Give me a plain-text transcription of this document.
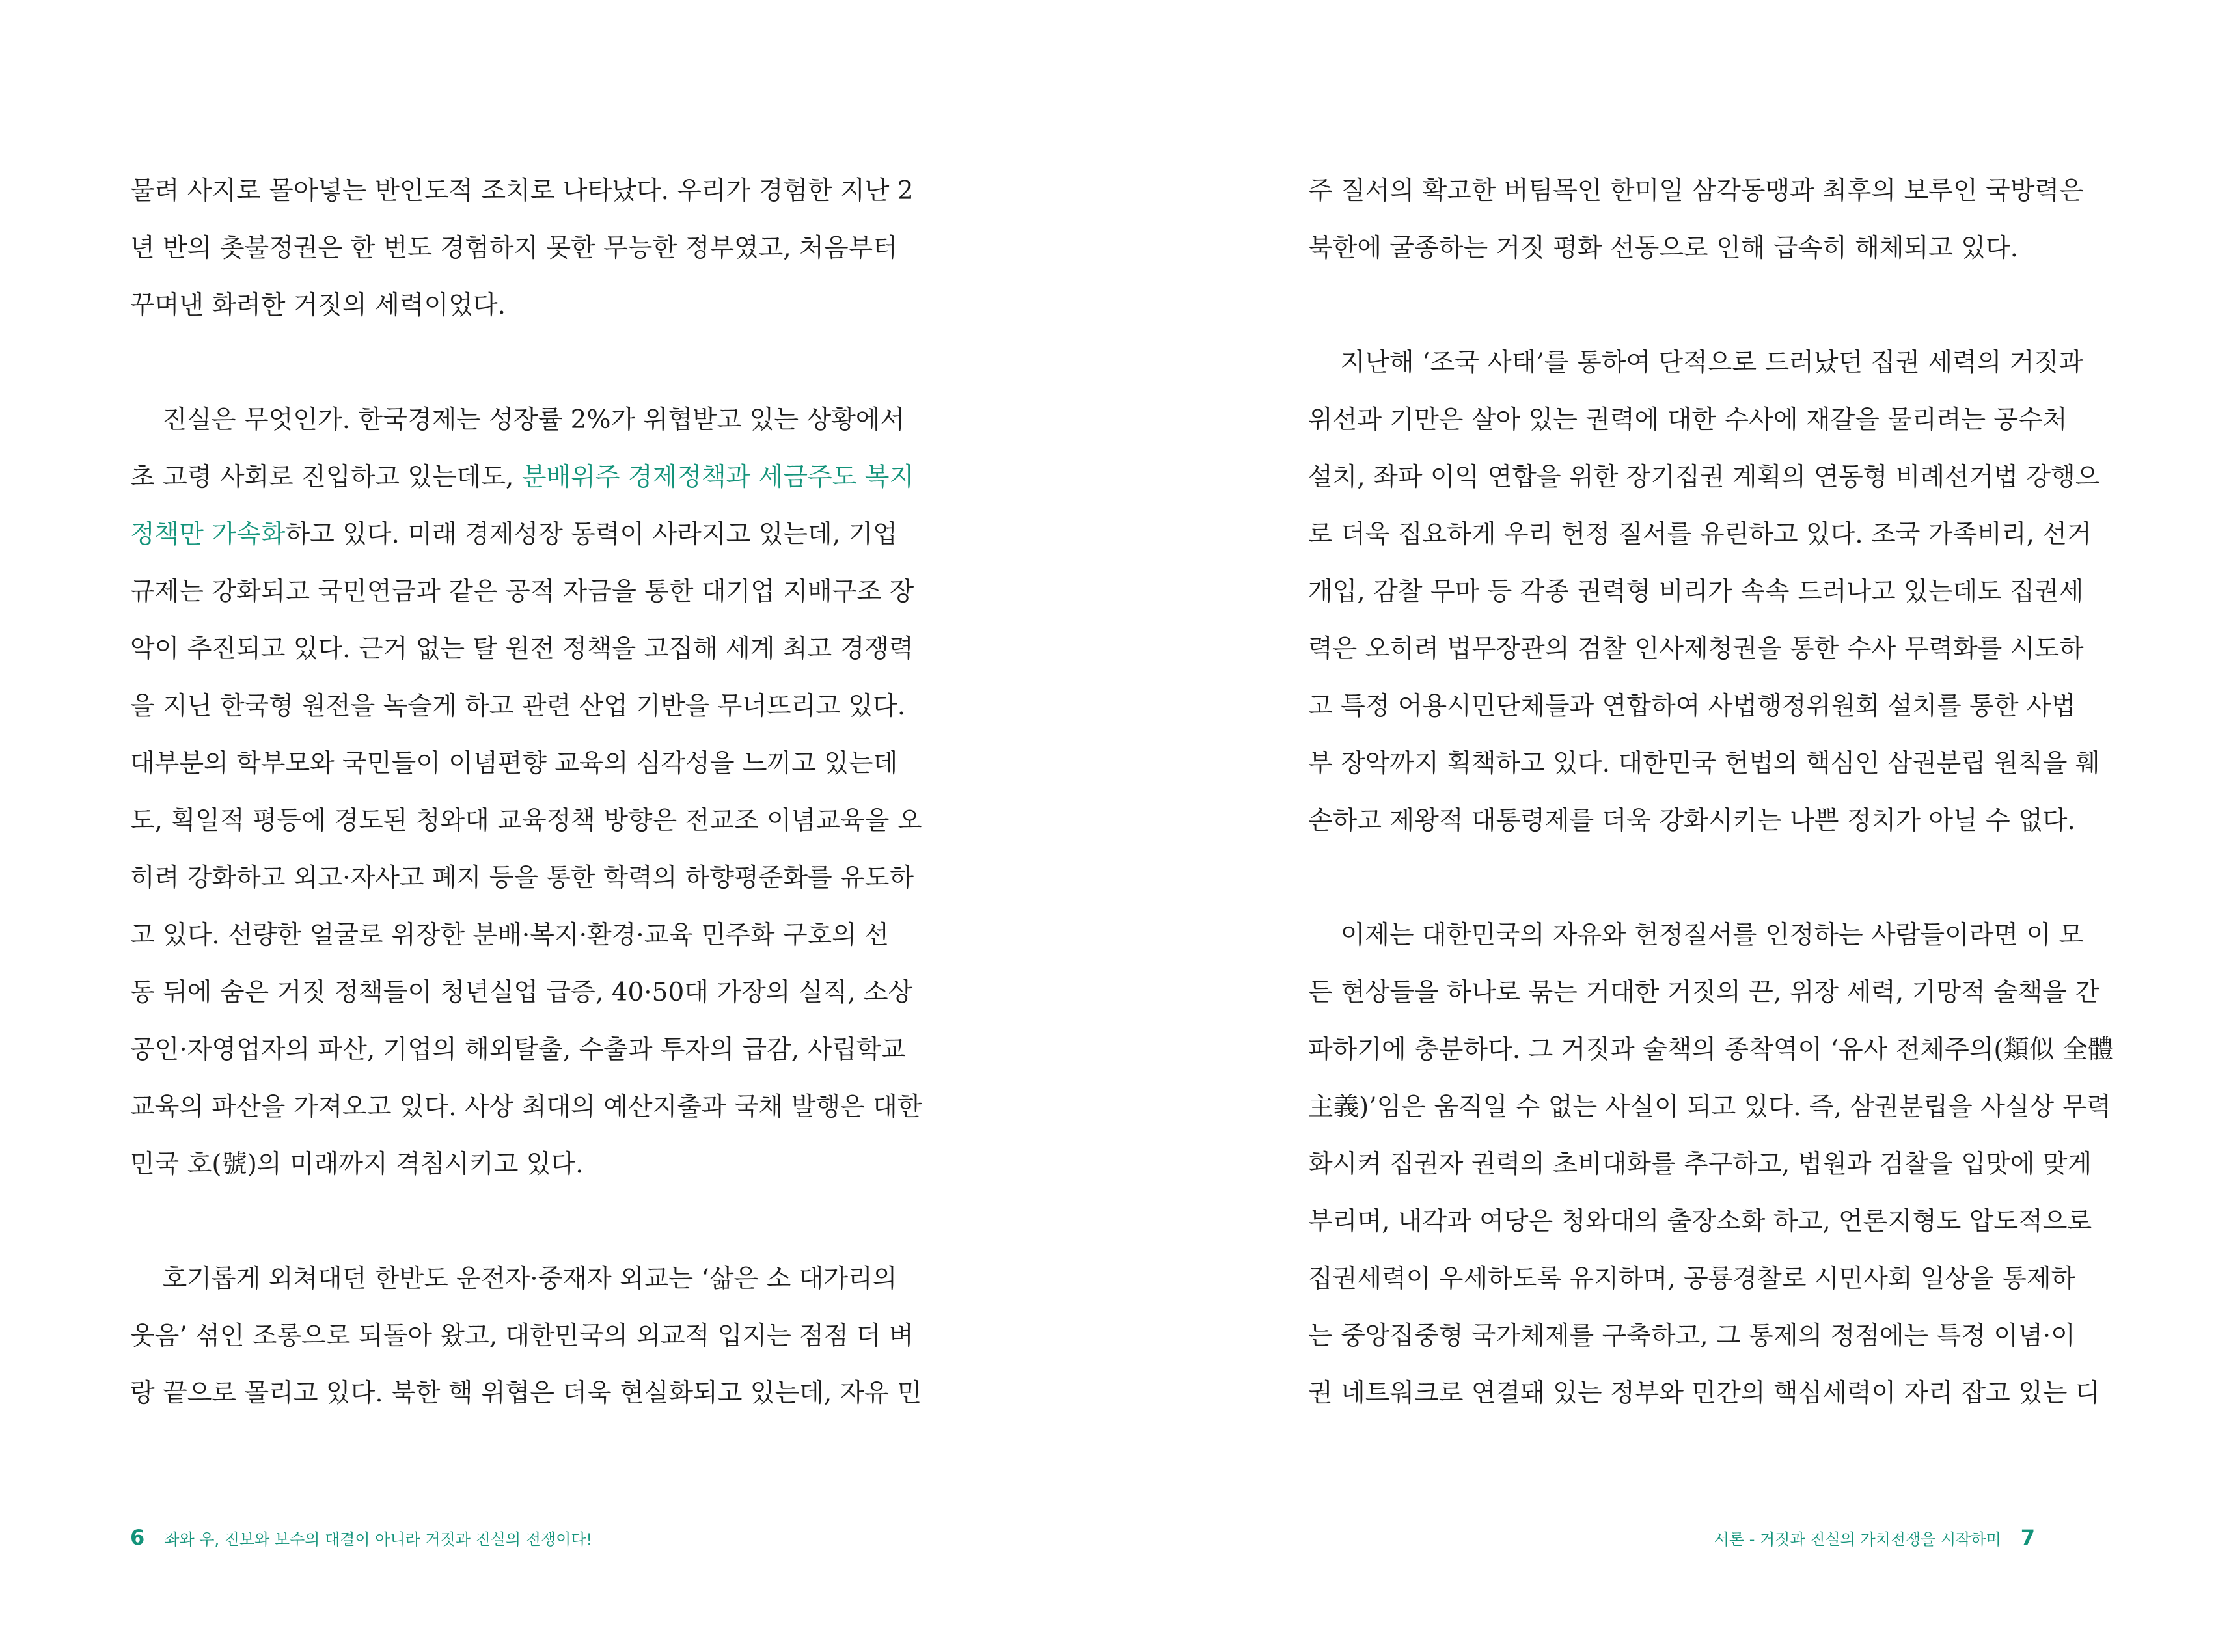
물려 사지로 몰아넣는 반인도적 조치로 나타났다. 우리가 경험한 지난 2
년 반의 촛불정권은 한 번도 경험하지 못한 무능한 정부였고, 처음부터
꾸며낸 화려한 거짓의 세력이었다.
진실은 무엇인가. 한국경제는 성장률 2%가 위협받고 있는 상황에서
초 고령 사회로 진입하고 있는데도, 분배위주 경제정책과 세금주도 복지
정책만 가속화하고 있다. 미래 경제성장 동력이 사라지고 있는데, 기업
규제는 강화되고 국민연금과 같은 공적 자금을 통한 대기업 지배구조 장
악이 추진되고 있다. 근거 없는 탈 원전 정책을 고집해 세계 최고 경쟁력
을 지닌 한국형 원전을 녹슬게 하고 관련 산업 기반을 무너뜨리고 있다.
대부분의 학부모와 국민들이 이념편향 교육의 심각성을 느끼고 있는데
도, 획일적 평등에 경도된 청와대 교육정책 방향은 전교조 이념교육을 오
히려 강화하고 외고·자사고 폐지 등을 통한 학력의 하향평준화를 유도하
고 있다. 선량한 얼굴로 위장한 분배·복지·환경·교육 민주화 구호의 선
동 뒤에 숨은 거짓 정책들이 청년실업 급증, 40·50대 가장의 실직, 소상
공인·자영업자의 파산, 기업의 해외탈출, 수출과 투자의 급감, 사립학교
교육의 파산을 가져오고 있다. 사상 최대의 예산지출과 국채 발행은 대한
민국 호(號)의 미래까지 격침시키고 있다.
호기롭게 외쳐대던 한반도 운전자·중재자 외교는 ‘삶은 소 대가리의
웃음’ 섞인 조롱으로 되돌아 왔고, 대한민국의 외교적 입지는 점점 더 벼
랑 끝으로 몰리고 있다. 북한 핵 위협은 더욱 현실화되고 있는데, 자유 민
6 좌와 우, 진보와 보수의 대결이 아니라 거짓과 진실의 전쟁이다!
주 질서의 확고한 버팀목인 한미일 삼각동맹과 최후의 보루인 국방력은
북한에 굴종하는 거짓 평화 선동으로 인해 급속히 해체되고 있다.
지난해 ‘조국 사태’를 통하여 단적으로 드러났던 집권 세력의 거짓과
위선과 기만은 살아 있는 권력에 대한 수사에 재갈을 물리려는 공수처
설치, 좌파 이익 연합을 위한 장기집권 계획의 연동형 비례선거법 강행으
로 더욱 집요하게 우리 헌정 질서를 유린하고 있다. 조국 가족비리, 선거
개입, 감찰 무마 등 각종 권력형 비리가 속속 드러나고 있는데도 집권세
력은 오히려 법무장관의 검찰 인사제청권을 통한 수사 무력화를 시도하
고 특정 어용시민단체들과 연합하여 사법행정위원회 설치를 통한 사법
부 장악까지 획책하고 있다. 대한민국 헌법의 핵심인 삼권분립 원칙을 훼
손하고 제왕적 대통령제를 더욱 강화시키는 나쁜 정치가 아닐 수 없다.
이제는 대한민국의 자유와 헌정질서를 인정하는 사람들이라면 이 모
든 현상들을 하나로 묶는 거대한 거짓의 끈, 위장 세력, 기망적 술책을 간
파하기에 충분하다. 그 거짓과 술책의 종착역이 ‘유사 전체주의(類似 全體
主義)’임은 움직일 수 없는 사실이 되고 있다. 즉, 삼권분립을 사실상 무력
화시켜 집권자 권력의 초비대화를 추구하고, 법원과 검찰을 입맛에 맞게
부리며, 내각과 여당은 청와대의 출장소화 하고, 언론지형도 압도적으로
집권세력이 우세하도록 유지하며, 공룡경찰로 시민사회 일상을 통제하
는 중앙집중형 국가체제를 구축하고, 그 통제의 정점에는 특정 이념·이
권 네트워크로 연결돼 있는 정부와 민간의 핵심세력이 자리 잡고 있는 디
서론 - 거짓과 진실의 가치전쟁을 시작하며 7
